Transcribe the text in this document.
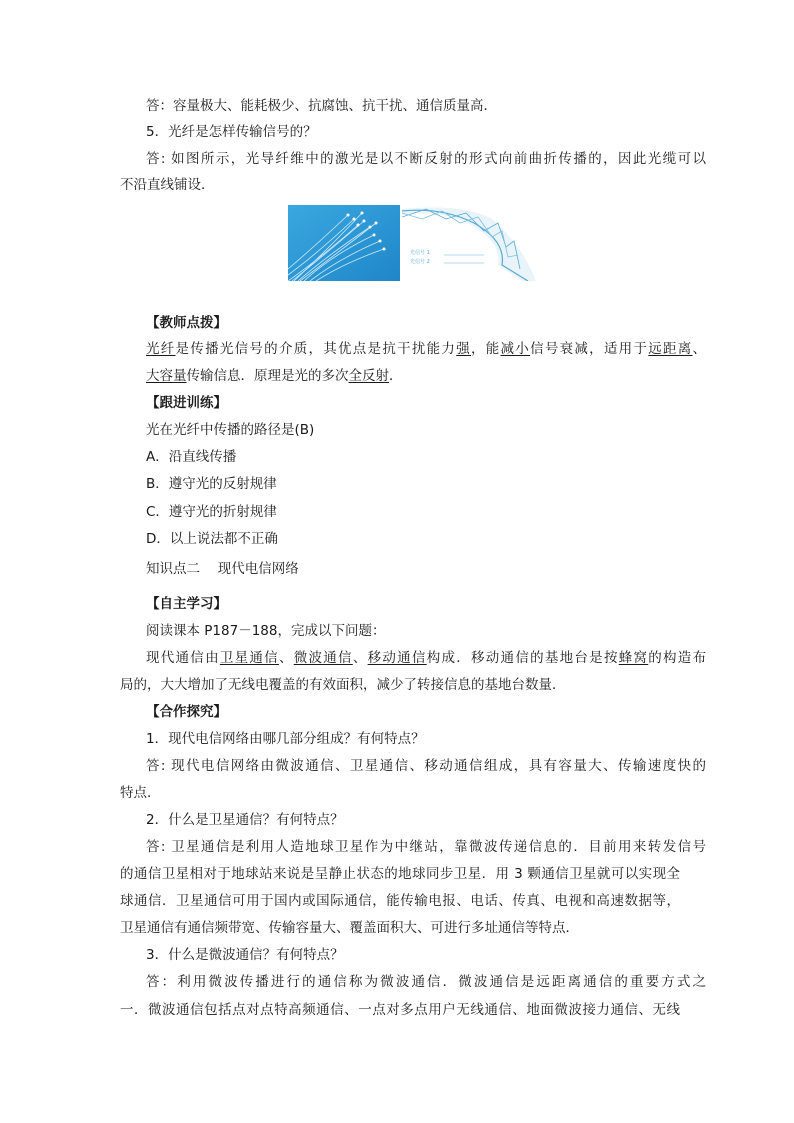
答：容量极大、能耗极少、抗腐蚀、抗干扰、通信质量高．
5．光纤是怎样传输信号的？
答: 如图所示，光导纤维中的激光是以不断反射的形式向前曲折传播的，因此光缆可以
不沿直线铺设．
光信号 1
光信号 2
【教师点拨】
光纤是传播光信号的介质，其优点是抗干扰能力强，能减小信号衰减，适用于远距离、
大容量传输信息．原理是光的多次全反射．
【跟进训练】
光在光纤中传播的路径是(B)
A．沿直线传播
B．遵守光的反射规律
C．遵守光的折射规律
D．以上说法都不正确
知识点二　 现代电信网络
【自主学习】
阅读课本 P187－188，完成以下问题：
现代通信由卫星通信、微波通信、移动通信构成．移动通信的基地台是按蜂窝的构造布
局的，大大增加了无线电覆盖的有效面积，减少了转接信息的基地台数量．
【合作探究】
1．现代电信网络由哪几部分组成？有何特点？
答: 现代电信网络由微波通信、卫星通信、移动通信组成，具有容量大、传输速度快的
特点．
2．什么是卫星通信？有何特点？
答: 卫星通信是利用人造地球卫星作为中继站，靠微波传递信息的．目前用来转发信号
的通信卫星相对于地球站来说是呈静止状态的地球同步卫星．用 3 颗通信卫星就可以实现全
球通信．卫星通信可用于国内或国际通信，能传输电报、电话、传真、电视和高速数据等，
卫星通信有通信频带宽、传输容量大、覆盖面积大、可进行多址通信等特点．
3．什么是微波通信？有何特点？
答：利用微波传播进行的通信称为微波通信．微波通信是远距离通信的重要方式之
一．微波通信包括点对点特高频通信、一点对多点用户无线通信、地面微波接力通信、无线
